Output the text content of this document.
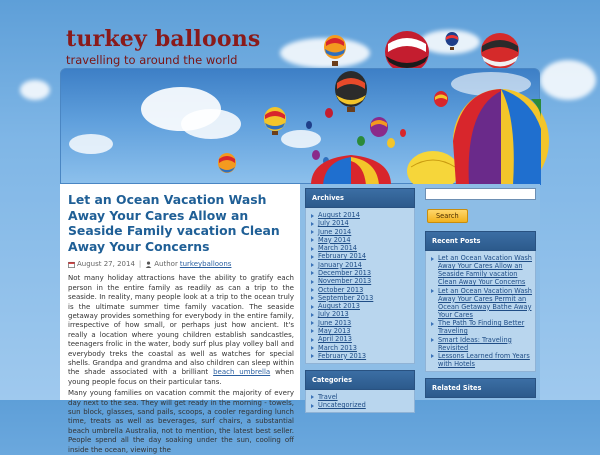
turkey balloons
travelling to around the world
Let an Ocean Vacation Wash Away Your Cares Allow an Seaside Family vacation Clean Away Your Concerns
August 27, 2014 | Author turkeyballoons

Not many holiday attractions have the ability to gratify each person in the entire family as readily as can a trip to the seaside. In reality, many people look at a trip to the ocean truly is the ultimate summer time family vacation. The seaside getaway provides something for everybody in the entire family, irrespective of how small, or perhaps just how ancient. It's really a location where young children establish sandcastles, teenagers frolic in the water, body surf plus play volley ball and everybody treks the coastal as well as watches for special shells. Grandpa and grandma and also children can sleep within the shade associated with a brilliant beach umbrella when young people focus on their particular tans.

Many young families on vacation commit the majority of every day next to the sea. They will get ready in the morning - towels, sun block, glasses, sand pails, scoops, a cooler regarding lunch time, treats as well as beverages, surf chairs, a substantial beach umbrella Australia, not to mention, the latest best seller. People spend all the day soaking under the sun, cooling off inside the ocean, viewing the

Archives
August 2014
July 2014
June 2014
May 2014
March 2014
February 2014
January 2014
December 2013
November 2013
October 2013
September 2013
August 2013
July 2013
June 2013
May 2013
April 2013
March 2013
February 2013
Categories
Travel
Uncategorized
Search
Recent Posts
Let an Ocean Vacation Wash Away Your Cares Allow an Seaside Family vacation Clean Away Your Concerns
Let an Ocean Vacation Wash Away Your Cares Permit an Ocean Getaway Bathe Away Your Cares
The Path To Finding Better Traveling
Smart Ideas: Traveling Revisited
Lessons Learned from Years with Hotels
Related Sites
